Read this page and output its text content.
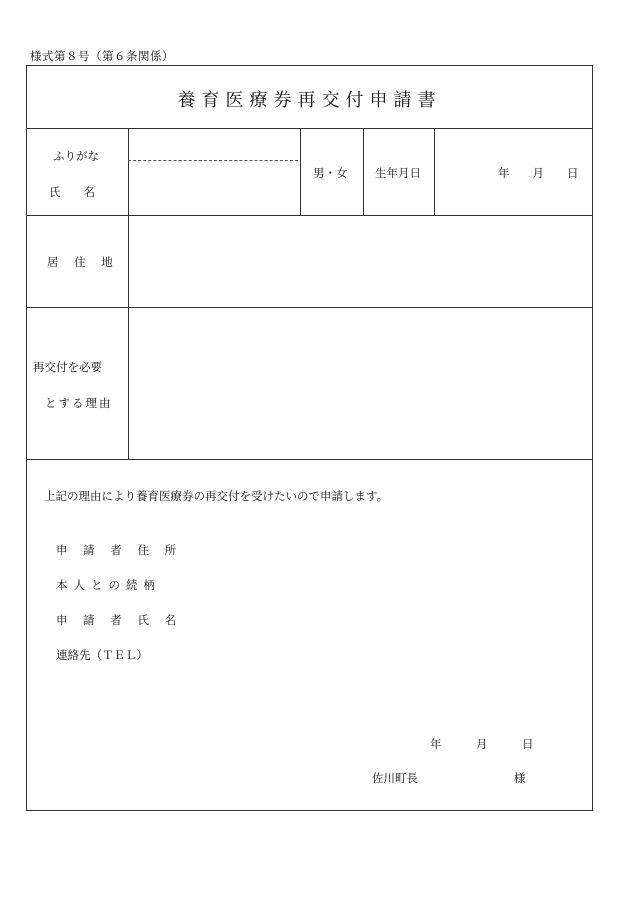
様式第８号（第６条関係）
養育医療券再交付申請書
ふりがな
氏　　名
男・女 生年月日	年　　月　　日
居 住 地
再交付を必要
とする理由
上記の理由により養育医療券の再交付を受けたいので申請します。
申 請 者 住 所
本人との続柄
申 請 者 氏 名
連絡先（ＴＥＬ）
年　　　月　　　日
佐川町長	様
